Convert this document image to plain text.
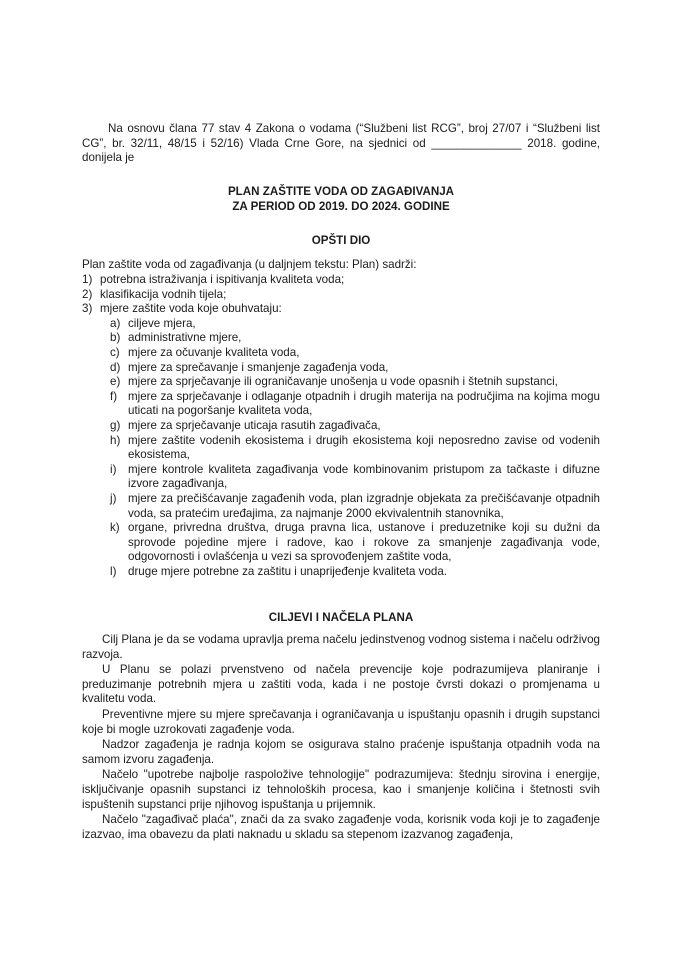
Na osnovu člana 77 stav 4 Zakona o vodama (“Službeni list RCG”, broj 27/07 i “Službeni list CG”, br. 32/11, 48/15 i 52/16) Vlada Crne Gore, na sjednici od ______________ 2018. godine, donijela je

PLAN ZAŠTITE VODA OD ZAGAĐIVANJA
ZA PERIOD OD 2019. DO 2024. GODINE
OPŠTI DIO

Plan zaštite voda od zagađivanja (u daljnjem tekstu: Plan) sadrži:

1) potrebna istraživanja i ispitivanja kvaliteta voda;
2) klasifikacija vodnih tijela;
3) mjere zaštite voda koje obuhvataju:
a) ciljeve mjera,
b) administrativne mjere,
c) mjere za očuvanje kvaliteta voda,
d) mjere za sprečavanje i smanjenje zagađenja voda,
e) mjere za sprječavanje ili ograničavanje unošenja u vode opasnih i štetnih supstanci,
f) mjere za sprječavanje i odlaganje otpadnih i drugih materija na područjima na kojima mogu uticati na pogoršanje kvaliteta voda,
g) mjere za sprječavanje uticaja rasutih zagađivača,
h) mjere zaštite vodenih ekosistema i drugih ekosistema koji neposredno zavise od vodenih ekosistema,
i) mjere kontrole kvaliteta zagađivanja vode kombinovanim pristupom za tačkaste i difuzne izvore zagađivanja,
j) mjere za prečišćavanje zagađenih voda, plan izgradnje objekata za prečišćavanje otpadnih voda, sa pratećim uređajima, za najmanje 2000 ekvivalentnih stanovnika,
k) organe, privredna društva, druga pravna lica, ustanove i preduzetnike koji su dužni da sprovode pojedine mjere i radove, kao i rokove za smanjenje zagađivanja vode, odgovornosti i ovlašćenja u vezi sa sprovođenjem zaštite voda,
l) druge mjere potrebne za zaštitu i unaprijeđenje kvaliteta voda.
CILJEVI I NAČELA PLANA

Cilj Plana je da se vodama upravlja prema načelu jedinstvenog vodnog sistema i načelu održivog razvoja.

U Planu se polazi prvenstveno od načela prevencije koje podrazumijeva planiranje i preduzimanje potrebnih mjera u zaštiti voda, kada i ne postoje čvrsti dokazi o promjenama u kvalitetu voda.

Preventivne mjere su mjere sprečavanja i ograničavanja u ispuštanju opasnih i drugih supstanci koje bi mogle uzrokovati zagađenje voda.

Nadzor zagađenja je radnja kojom se osigurava stalno praćenje ispuštanja otpadnih voda na samom izvoru zagađenja.

Načelo "upotrebe najbolje raspoložive tehnologije" podrazumijeva: štednju sirovina i energije, isključivanje opasnih supstanci iz tehnoloških procesa, kao i smanjenje količina i štetnosti svih ispuštenih supstanci prije njihovog ispuštanja u prijemnik.

Načelo "zagađivač plaća", znači da za svako zagađenje voda, korisnik voda koji je to zagađenje izazvao, ima obavezu da plati naknadu u skladu sa stepenom izazvanog zagađenja,
